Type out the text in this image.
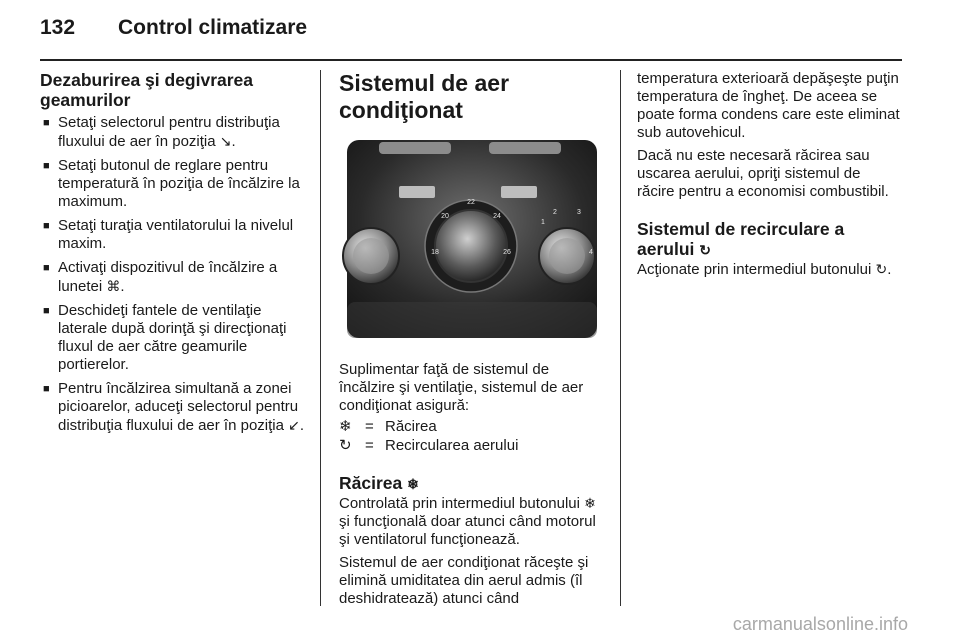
132 Control climatizare
Dezaburirea şi degivrarea geamurilor
■ Setaţi selectorul pentru distribuţia fluxului de aer în poziţia ↘.
■ Setaţi butonul de reglare pentru temperatură în poziţia de încălzire la maximum.
■ Setaţi turaţia ventilatorului la nivelul maxim.
■ Activaţi dispozitivul de încălzire a lunetei ⌘.
■ Deschideţi fantele de ventilaţie laterale după dorinţă şi direcţionaţi fluxul de aer către geamurile portierelor.
■ Pentru încălzirea simultană a zonei picioarelor, aduceţi selectorul pentru distribuţia fluxului de aer în poziţia ↙.
Sistemul de aer condiţionat
18
20
22
24
26
1
2	3
4

Suplimentar faţă de sistemul de încălzire şi ventilaţie, sistemul de aer condiţionat asigură:

❄ = Răcirea
↻ = Recircularea aerului
Răcirea ❄

Controlată prin intermediul butonului ❄ şi funcţională doar atunci când motorul şi ventilatorul funcţionează.

Sistemul de aer condiţionat răceşte şi elimină umiditatea din aerul admis (îl deshidratează) atunci când

temperatura exterioară depăşeşte puţin temperatura de îngheţ. De aceea se poate forma condens care este eliminat sub autovehicul.

Dacă nu este necesară răcirea sau uscarea aerului, opriţi sistemul de răcire pentru a economisi combustibil.

Sistemul de recirculare a aerului ↻

Acţionate prin intermediul butonului ↻.

carmanualsonline.info
